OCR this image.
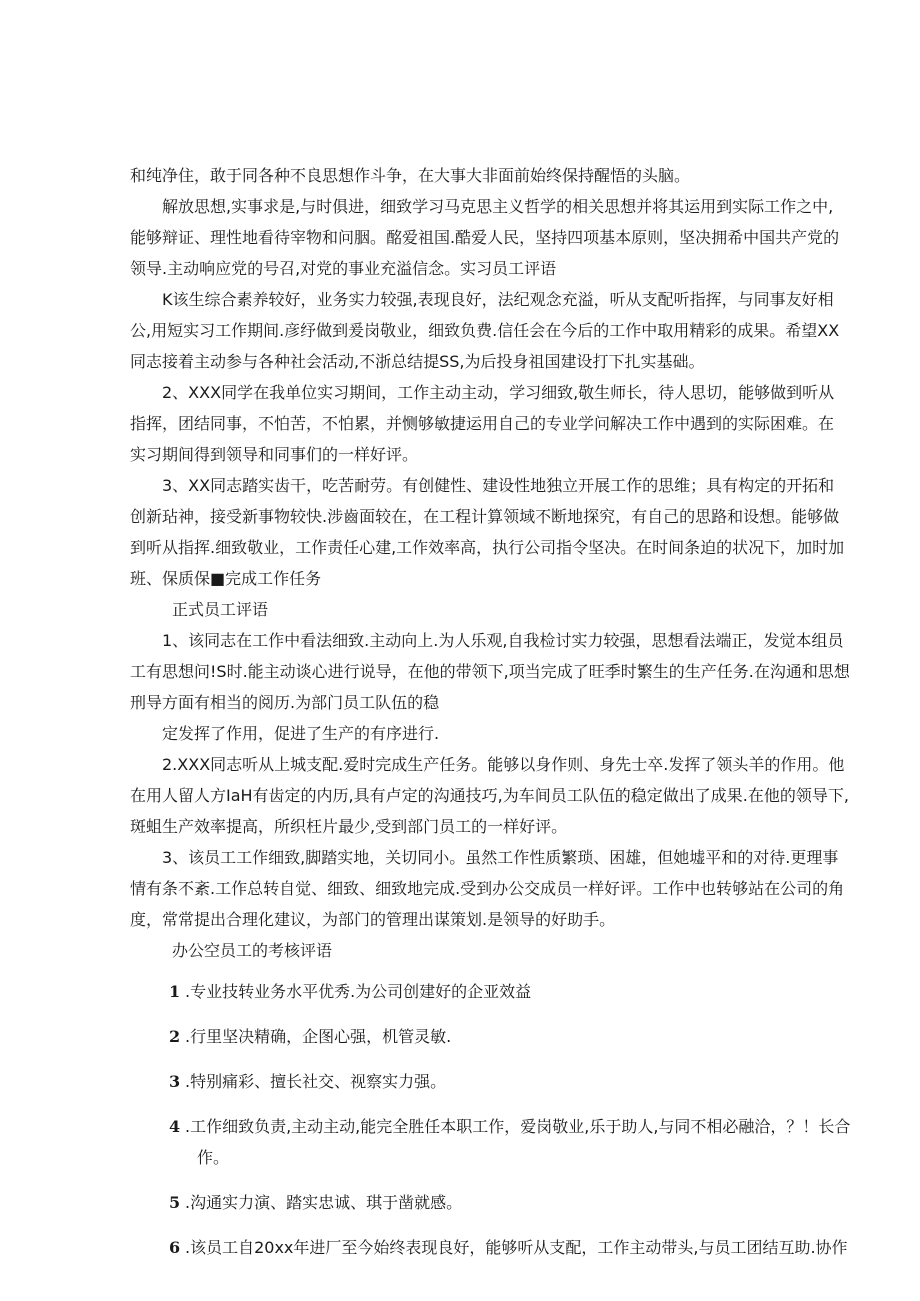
和纯净住，敢于同各种不良思想作斗争，在大事大非面前始终保持醒悟的头脑。

解放思想,实事求是,与时俱进，细致学习马克思主义哲学的相关思想并将其运用到实际工作之中,

能够辩证、理性地看待宰物和问胭。酩爱祖国.酷爱人民，坚持四项基本原则，坚决拥希中国共产党的

领导.主动响应党的号召,对党的事业充溢信念。实习员工评语

K该生综合素养较好，业务实力较强,表现良好，法纪观念充溢，听从支配听指挥，与同事友好相

公,用短实习工作期间.彦纾做到爰岗敬业，细致负费.信任会在今后的工作中取用精彩的成果。希望XX

同志接着主动参与各种社会活动,不浙总结提SS,为后投身祖国建设打下扎实基础。

2、XXX同学在我单位实习期间，工作主动主动，学习细致,敬生师长，待人思切，能够做到听从

指挥，团结同事，不怕苦，不怕累，并恻够敏捷运用自己的专业学问解决工作中遇到的实际困难。在

实习期间得到领导和同事们的一样好评。

3、XX同志踏实齿干，吃苦耐劳。有创健性、建设性地独立开展工作的思维；具有构定的开拓和

创新玷神，接受新事物较快.涉齒面较在，在工程计算领域不断地探究，有自己的思路和设想。能够做

到听从指挥.细致敬业，工作责任心建,工作效率高，执行公司指令坚决。在时间条迫的状况下，加时加

班、保质保■完成工作任务

正式员工评语

1、该同志在工作中看法细致.主动向上.为人乐观,自我检讨实力较强，思想看法端正，发觉本组员

工有思想问!S时.能主动谈心进行说导，在他的带领下,项当完成了旺季时繁生的生产任务.在沟通和思想

刑导方面有相当的阅历.为部门员工队伍的稳

定发挥了作用，促进了生产的有序进行.

2.XXX同志听从上城支配.爱时完成生产任务。能够以身作则、身先士卒.发挥了领头羊的作用。他

在用人留人方IaH有齿定的内历,具有卢定的沟通技巧,为车间员工队伍的稳定做出了成果.在他的领导下,

斑蛆生产效率提高，所织枉片最少,受到部门员工的一样好评。

3、该员工工作细致,脚踏实地，关切同小。虽然工作性质繁琐、困雄，但她墟平和的对待.更理事

情有条不紊.工作总转自觉、细致、细致地完成.受到办公交成员一样好评。工作中也转够站在公司的角

度，常常提出合理化建议，为部门的管理出谋策划.是领导的好助手。

办公空员工的考核评语

1 .专业技转业务水平优秀.为公司创建好的企亚效益

2 .行里坚决精确，企图心强，机管灵敏.

3 .特别痛彩、擅长社交、视察实力强。

4 .工作细致负责,主动主动,能完全胜任本职工作，爱岗敬业,乐于助人,与同不相必融洽，？！长合

作。

5 .沟通实力演、踏实忠诚、琪于凿就感。

6 .该员工自20xx年进厂至今始终表现良好，能够听从支配，工作主动带头,与员工团结互助.协作
